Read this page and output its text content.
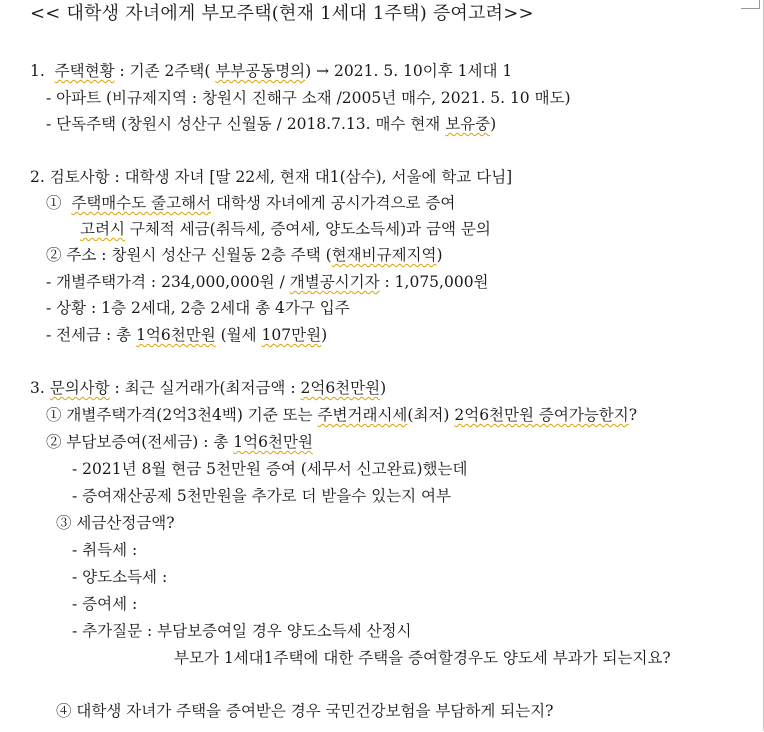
<< 대학생 자녀에게 부모주택(현재 1세대 1주택) 증여고려>>
1.  주택현황 : 기존 2주택( 부부공동명의) → 2021. 5. 10이후 1세대 1
- 아파트 (비규제지역 : 창원시 진해구 소재 /2005년 매수, 2021. 5. 10 매도)
- 단독주택 (창원시 성산구 신월동 / 2018.7.13. 매수 현재 보유중)
2. 검토사항 : 대학생 자녀 [딸 22세, 현재 대1(삼수), 서울에 학교 다님]
①  주택매수도 줄고해서 대학생 자녀에게 공시가격으로 증여
고려시 구체적 세금(취득세, 증여세, 양도소득세)과 금액 문의
② 주소 : 창원시 성산구 신월동 2층 주택 (현재비규제지역)
- 개별주택가격 : 234,000,000원 / 개별공시기자 : 1,075,000원
- 상황 : 1층 2세대, 2층 2세대 총 4가구 입주
- 전세금 : 총 1억6천만원 (월세 107만원)
3. 문의사항 : 최근 실거래가(최저금액 : 2억6천만원)
① 개별주택가격(2억3천4백) 기준 또는 주변거래시세(최저) 2억6천만원 증여가능한지?
② 부담보증여(전세금) : 총 1억6천만원
- 2021년 8월 현금 5천만원 증여 (세무서 신고완료)했는데
- 증여재산공제 5천만원을 추가로 더 받을수 있는지 여부
③ 세금산정금액?
- 취득세 :
- 양도소득세 :
- 증여세 :
- 추가질문 : 부담보증여일 경우 양도소득세 산정시
부모가 1세대1주택에 대한 주택을 증여할경우도 양도세 부과가 되는지요?
④ 대학생 자녀가 주택을 증여받은 경우 국민건강보험을 부담하게 되는지?
